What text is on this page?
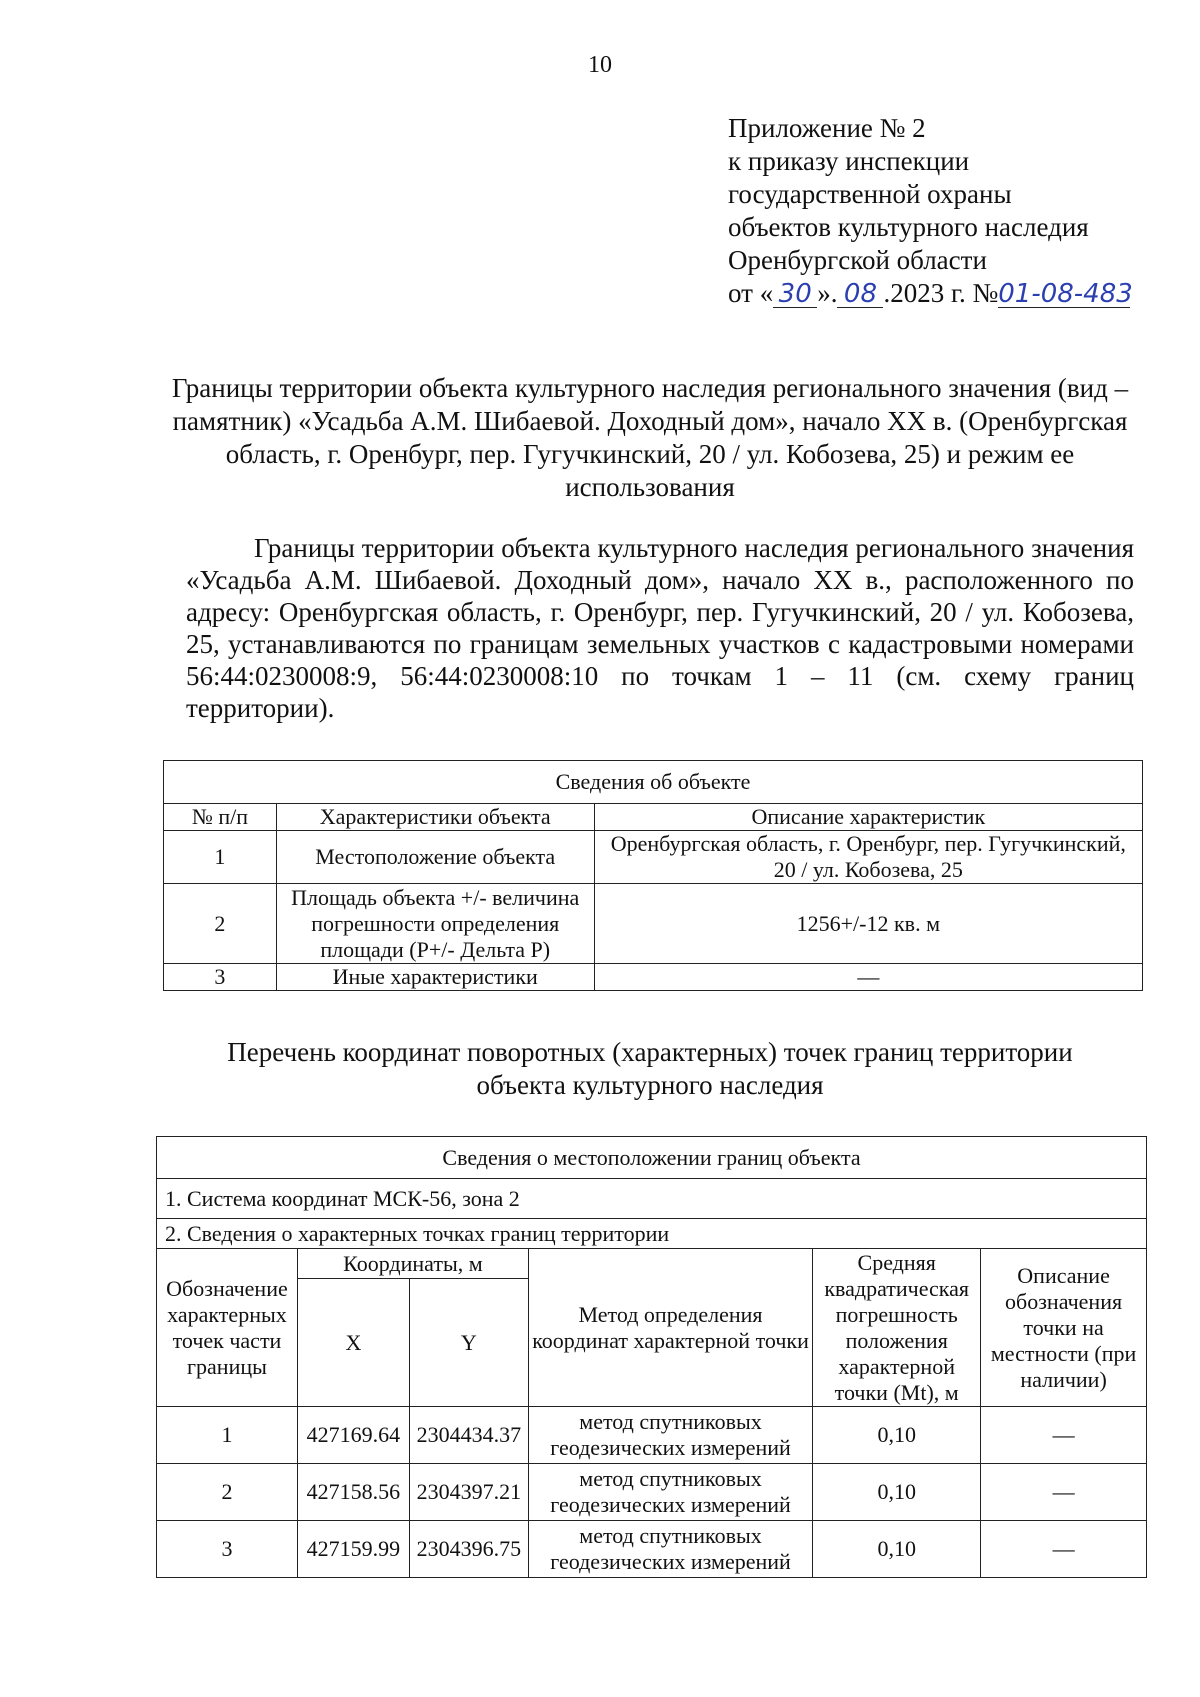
10
Приложение № 2
к приказу инспекции
государственной охраны
объектов культурного наследия
Оренбургской области
от « 30 ». 08 .2023 г. №01-08-483
Границы территории объекта культурного наследия регионального значения (вид – памятник) «Усадьба А.М. Шибаевой. Доходный дом», начало XX в. (Оренбургская область, г. Оренбург, пер. Гугучкинский, 20 / ул. Кобозева, 25) и режим ее использования
Границы территории объекта культурного наследия регионального значения «Усадьба А.М. Шибаевой. Доходный дом», начало XX в., расположенного по адресу: Оренбургская область, г. Оренбург, пер. Гугучкинский, 20 / ул. Кобозева, 25, устанавливаются по границам земельных участков с кадастровыми номерами 56:44:0230008:9, 56:44:0230008:10 по точкам 1 – 11 (см. схему границ территории).
Сведения об объекте		
№ п/п	Характеристики объекта	Описание характеристик
1	Местоположение объекта	Оренбургская область, г. Оренбург, пер. Гугучкинский, 20 / ул. Кобозева, 25
2	Площадь объекта +/- величина погрешности определения площади (P+/- Дельта P)	1256+/-12 кв. м
3	Иные характеристики	—
Перечень координат поворотных (характерных) точек границ территории объекта культурного наследия
Сведения о местоположении границ объекта					
1. Система координат МСК-56, зона 2					
2. Сведения о характерных точках границ территории					
Обозначение характерных точек части границы	Координаты, м		Метод определения координат характерной точки	Средняя квадратическая погрешность положения характерной точки (Mt), м	Описание обозначения точки на местности (при наличии)
	X	Y			
1	427169.64	2304434.37	метод спутниковых геодезических измерений	0,10	—
2	427158.56	2304397.21	метод спутниковых геодезических измерений	0,10	—
3	427159.99	2304396.75	метод спутниковых геодезических измерений	0,10	—
